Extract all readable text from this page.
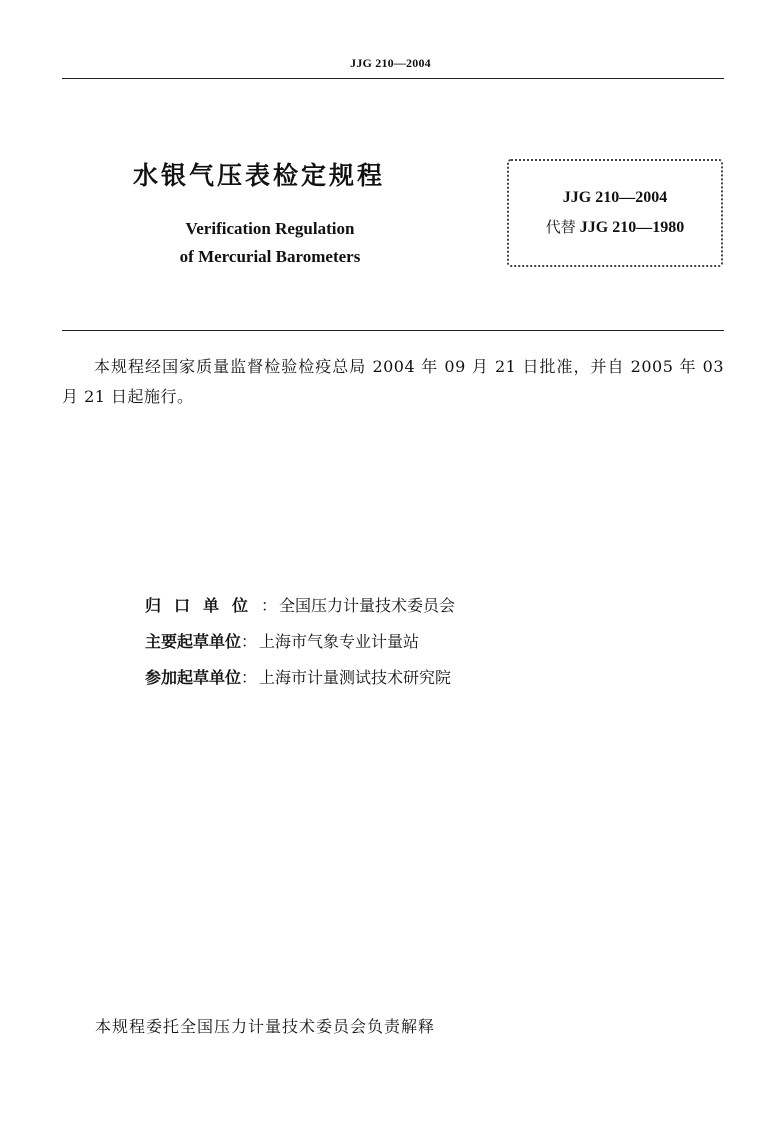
JJG 210—2004
水银气压表检定规程
Verification Regulation
of Mercurial Barometers
JJG 210—2004
代替 JJG 210—1980
本规程经国家质量监督检验检疫总局 2004 年 09 月 21 日批准，并自 2005 年 03 月 21 日起施行。
归口单位： 全国压力计量技术委员会
主要起草单位： 上海市气象专业计量站
参加起草单位： 上海市计量测试技术研究院
本规程委托全国压力计量技术委员会负责解释
